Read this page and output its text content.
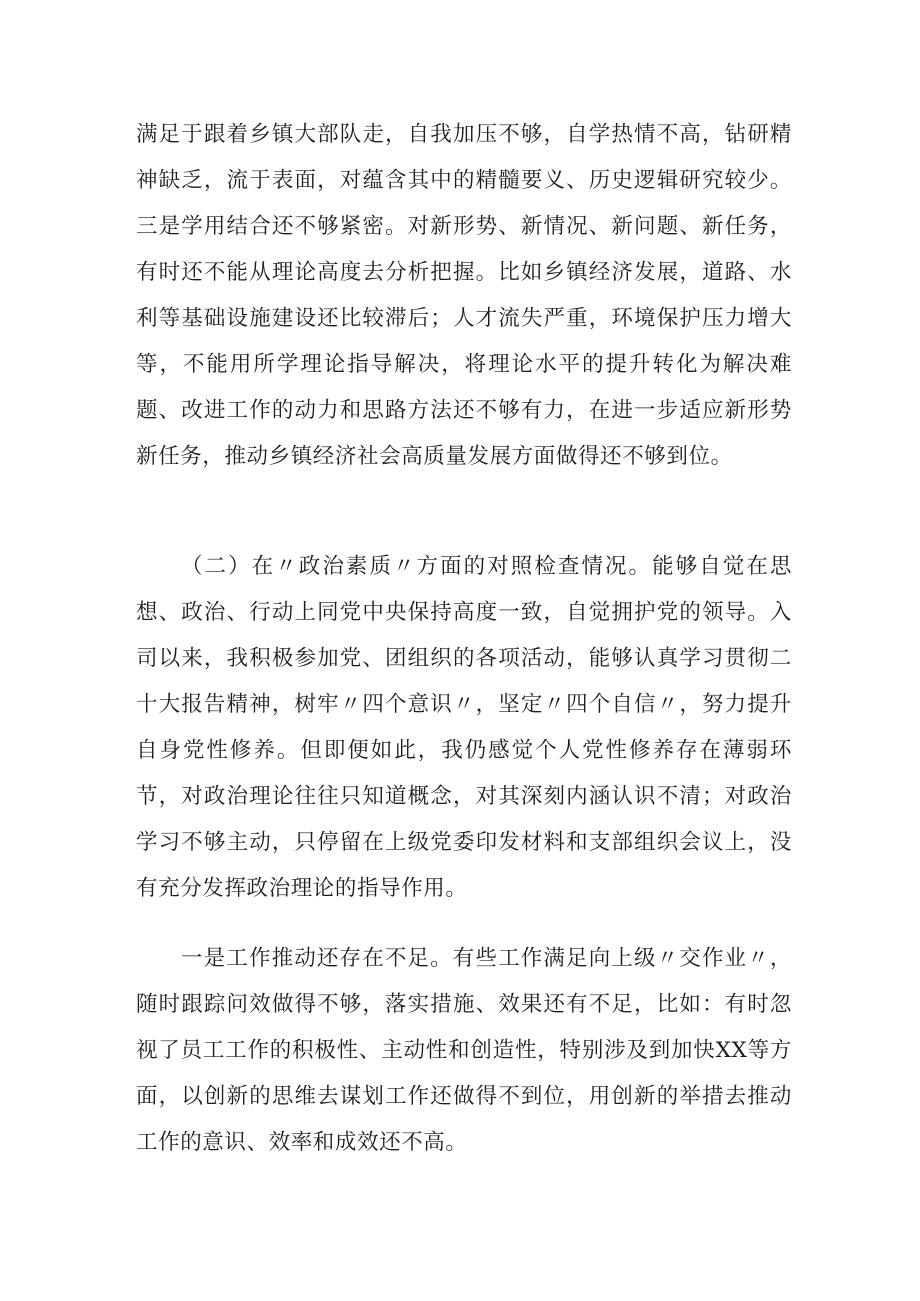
满足于跟着乡镇大部队走，自我加压不够，自学热情不高，钻研精神缺乏，流于表面，对蕴含其中的精髓要义、历史逻辑研究较少。三是学用结合还不够紧密。对新形势、新情况、新问题、新任务，有时还不能从理论高度去分析把握。比如乡镇经济发展，道路、水利等基础设施建设还比较滞后；人才流失严重，环境保护压力增大等，不能用所学理论指导解决，将理论水平的提升转化为解决难题、改进工作的动力和思路方法还不够有力，在进一步适应新形势新任务，推动乡镇经济社会高质量发展方面做得还不够到位。

（二）在〃政治素质〃方面的对照检查情况。能够自觉在思想、政治、行动上同党中央保持高度一致，自觉拥护党的领导。入司以来，我积极参加党、团组织的各项活动，能够认真学习贯彻二十大报告精神，树牢〃四个意识〃，坚定〃四个自信〃，努力提升自身党性修养。但即便如此，我仍感觉个人党性修养存在薄弱环节，对政治理论往往只知道概念，对其深刻内涵认识不清；对政治学习不够主动，只停留在上级党委印发材料和支部组织会议上，没有充分发挥政治理论的指导作用。

一是工作推动还存在不足。有些工作满足向上级〃交作业〃，随时跟踪问效做得不够，落实措施、效果还有不足，比如：有时忽视了员工工作的积极性、主动性和创造性，特别涉及到加快XX等方面，以创新的思维去谋划工作还做得不到位，用创新的举措去推动工作的意识、效率和成效还不高。
